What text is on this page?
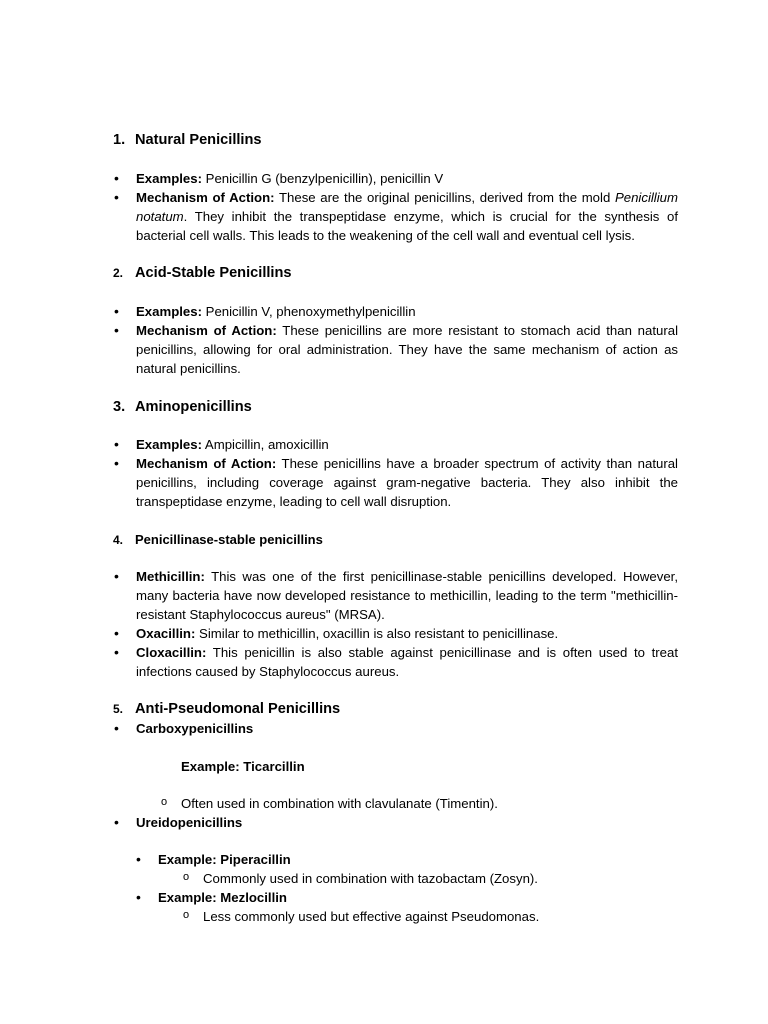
1. Natural Penicillins
• Examples: Penicillin G (benzylpenicillin), penicillin V
• Mechanism of Action: These are the original penicillins, derived from the mold Penicillium notatum. They inhibit the transpeptidase enzyme, which is crucial for the synthesis of bacterial cell walls. This leads to the weakening of the cell wall and eventual cell lysis.
2. Acid-Stable Penicillins
• Examples: Penicillin V, phenoxymethylpenicillin
• Mechanism of Action: These penicillins are more resistant to stomach acid than natural penicillins, allowing for oral administration. They have the same mechanism of action as natural penicillins.
3. Aminopenicillins
• Examples: Ampicillin, amoxicillin
• Mechanism of Action: These penicillins have a broader spectrum of activity than natural penicillins, including coverage against gram-negative bacteria. They also inhibit the transpeptidase enzyme, leading to cell wall disruption.
4. Penicillinase-stable penicillins
• Methicillin: This was one of the first penicillinase-stable penicillins developed. However, many bacteria have now developed resistance to methicillin, leading to the term "methicillin-resistant Staphylococcus aureus" (MRSA).
• Oxacillin: Similar to methicillin, oxacillin is also resistant to penicillinase.
• Cloxacillin: This penicillin is also stable against penicillinase and is often used to treat infections caused by Staphylococcus aureus.
5. Anti-Pseudomonal Penicillins
• Carboxypenicillins
Example: Ticarcillin
o Often used in combination with clavulanate (Timentin).
• Ureidopenicillins
• Example: Piperacillin
o Commonly used in combination with tazobactam (Zosyn).
• Example: Mezlocillin
o Less commonly used but effective against Pseudomonas.
